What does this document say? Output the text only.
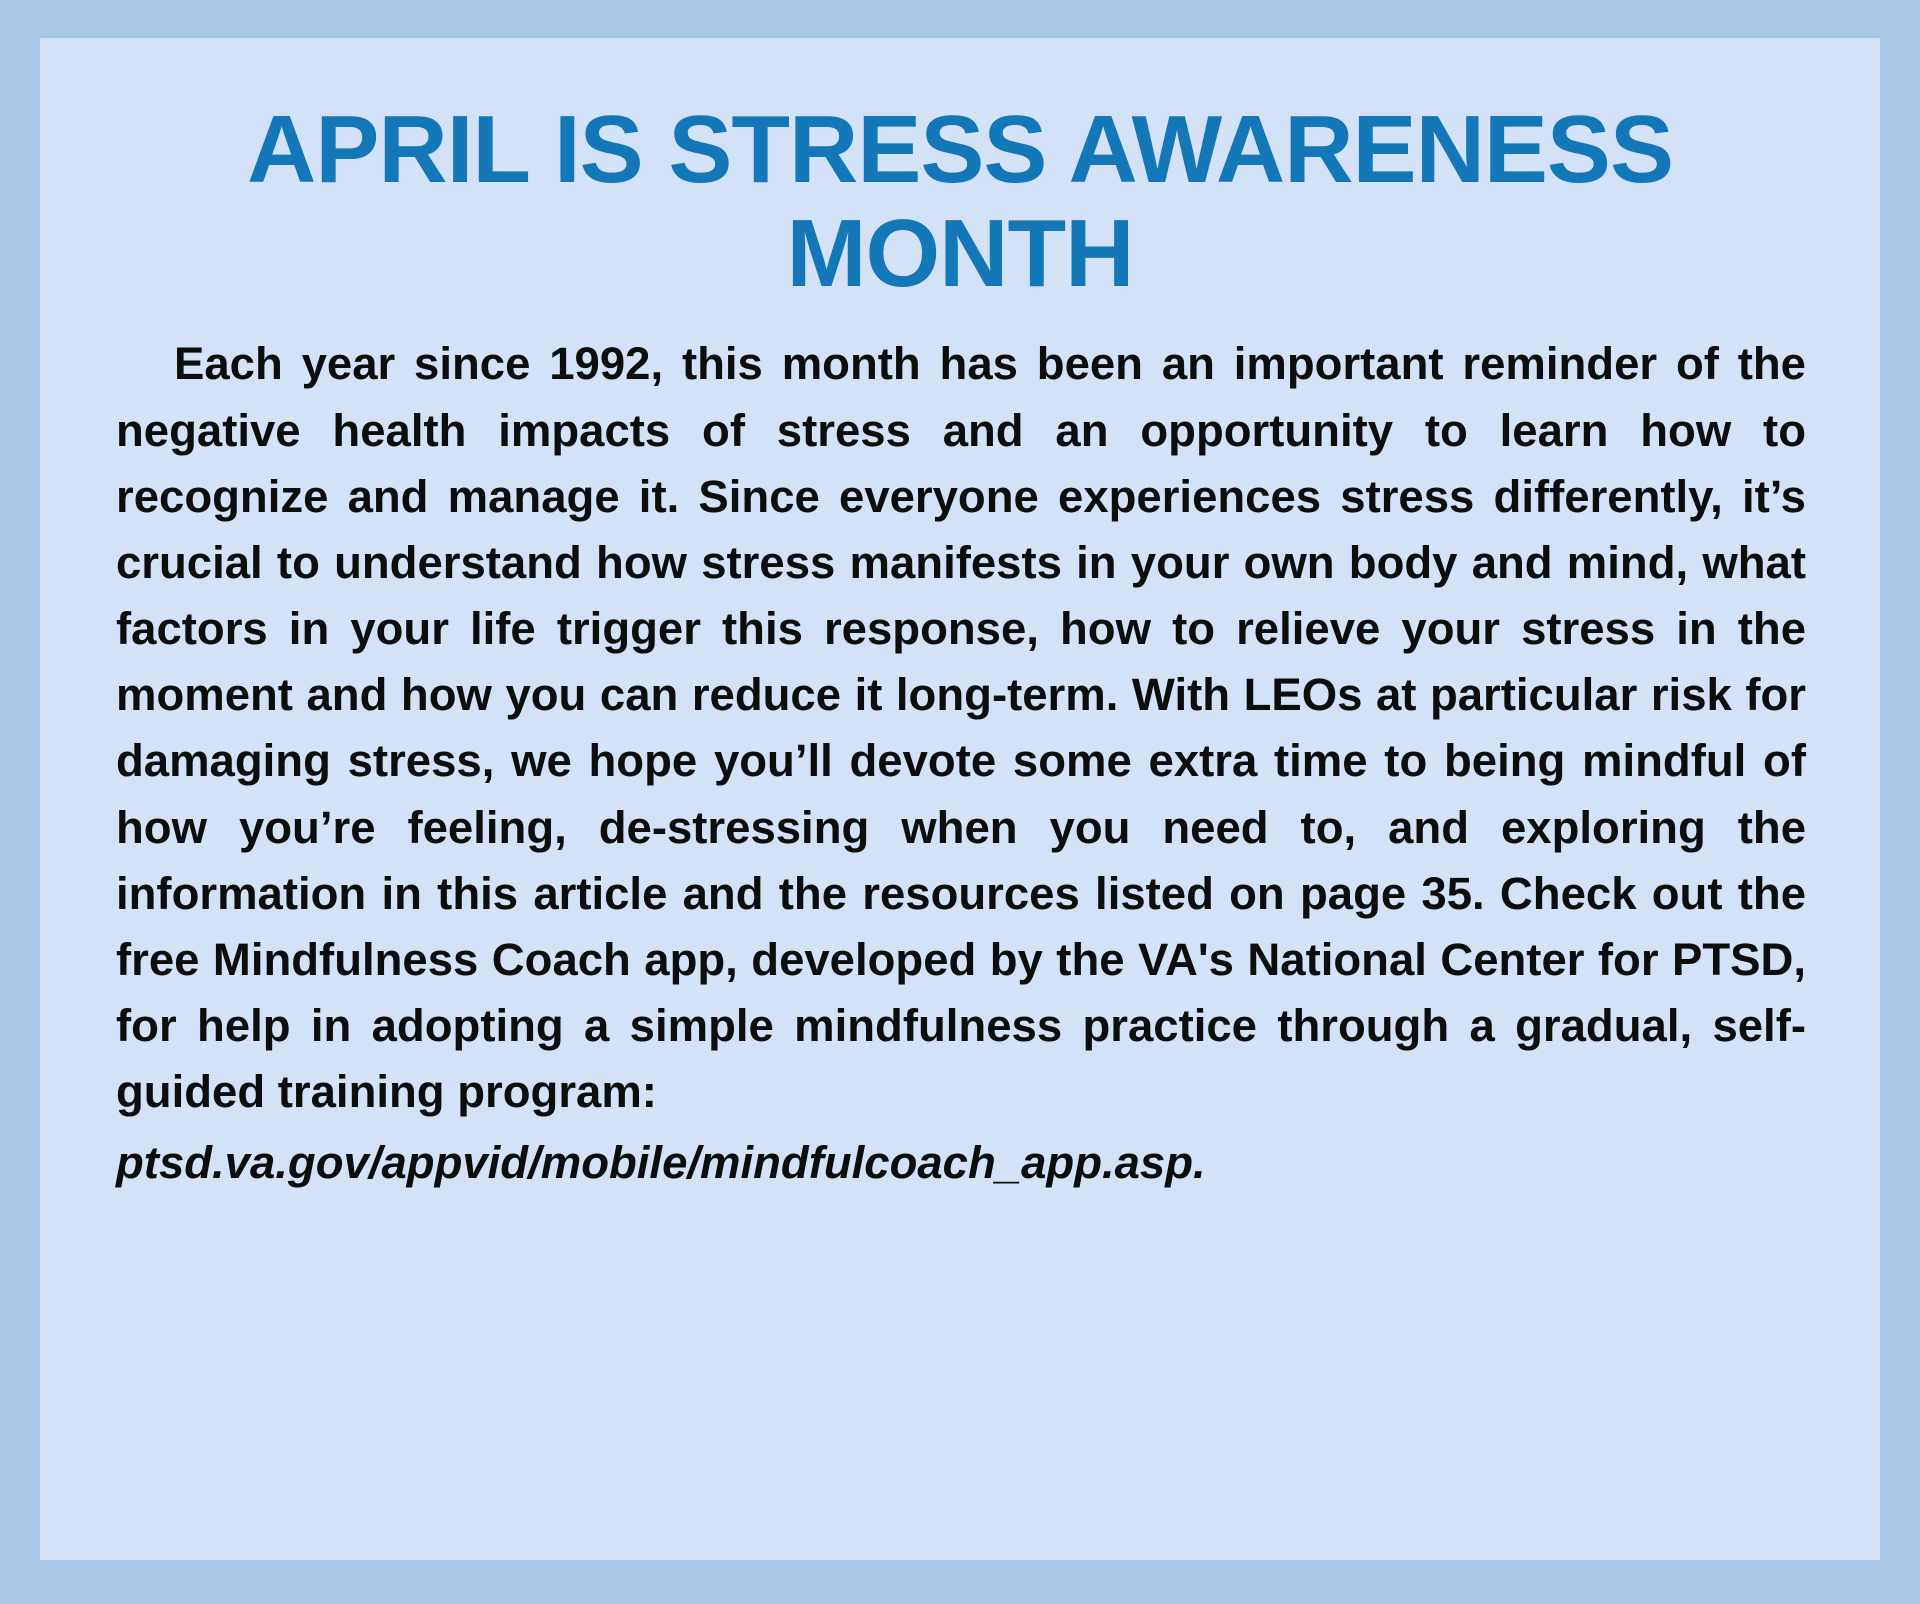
APRIL IS STRESS AWARENESS MONTH

Each year since 1992, this month has been an important reminder of the negative health impacts of stress and an opportunity to learn how to recognize and manage it. Since everyone experiences stress differently, it’s crucial to understand how stress manifests in your own body and mind, what factors in your life trigger this response, how to relieve your stress in the moment and how you can reduce it long-term. With LEOs at particular risk for damaging stress, we hope you’ll devote some extra time to being mindful of how you’re feeling, de-stressing when you need to, and exploring the information in this article and the resources listed on page 35. Check out the free Mindfulness Coach app, developed by the VA's National Center for PTSD, for help in adopting a simple mindfulness practice through a gradual, self-guided training program:
ptsd.va.gov/appvid/mobile/mindfulcoach_app.asp.
